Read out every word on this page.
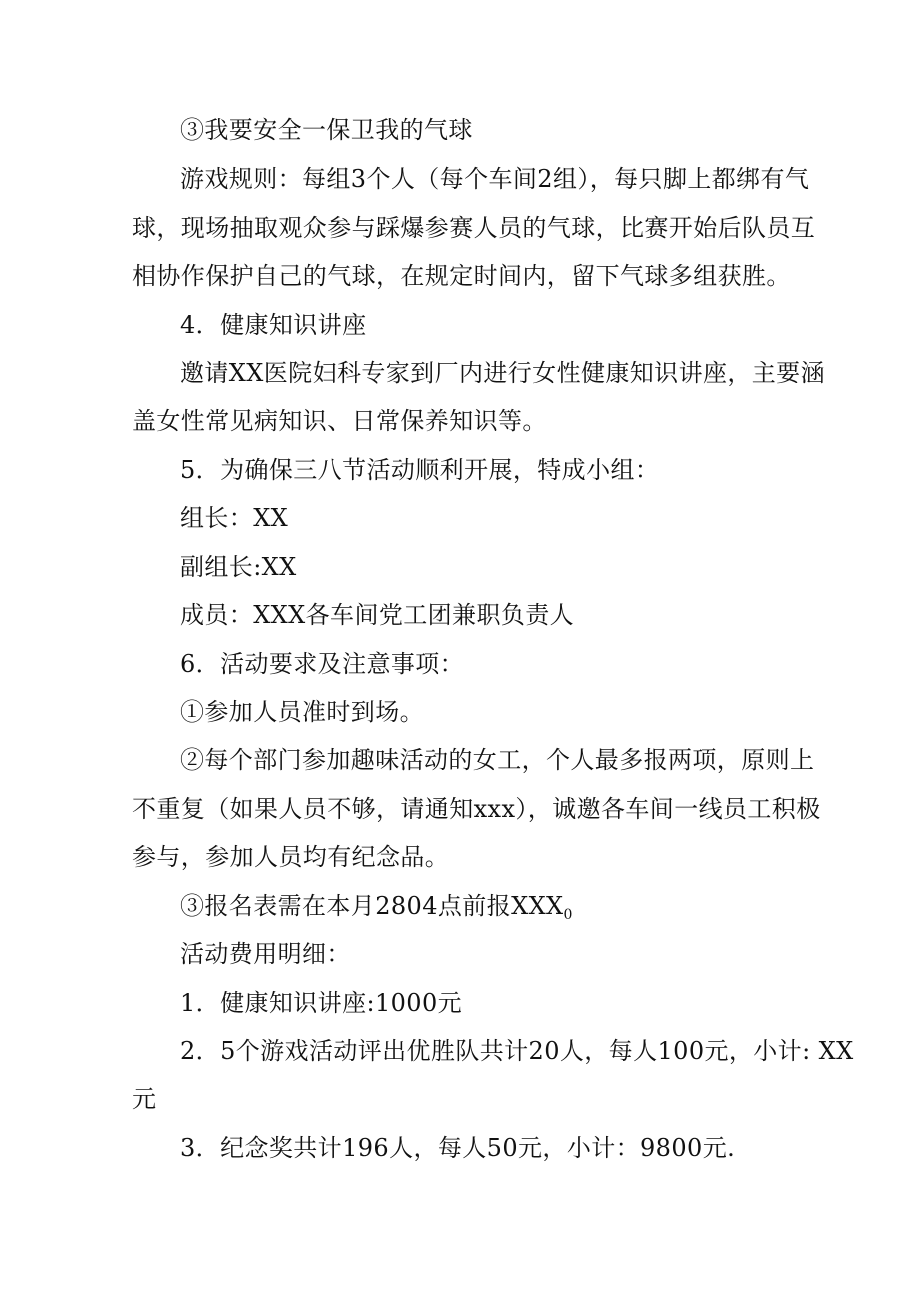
③我要安全一保卫我的气球
游戏规则：每组3个人（每个车间2组），每只脚上都绑有气
球，现场抽取观众参与踩爆参赛人员的气球，比赛开始后队员互
相协作保护自己的气球，在规定时间内，留下气球多组获胜。
4．健康知识讲座
邀请XX医院妇科专家到厂内进行女性健康知识讲座，主要涵
盖女性常见病知识、日常保养知识等。
5．为确保三八节活动顺利开展，特成小组：
组长：XX
副组长:XX
成员：XXX各车间党工团兼职负责人
6．活动要求及注意事项：
①参加人员准时到场。
②每个部门参加趣味活动的女工，个人最多报两项，原则上
不重复（如果人员不够，请通知xxx），诚邀各车间一线员工积极
参与，参加人员均有纪念品。
③报名表需在本月2804点前报$XXX_0$
活动费用明细：
1．健康知识讲座:1000元
2．5个游戏活动评出优胜队共计20人，每人100元，小计: XX
元
3．纪念奖共计196人，每人50元，小计：9800元.
